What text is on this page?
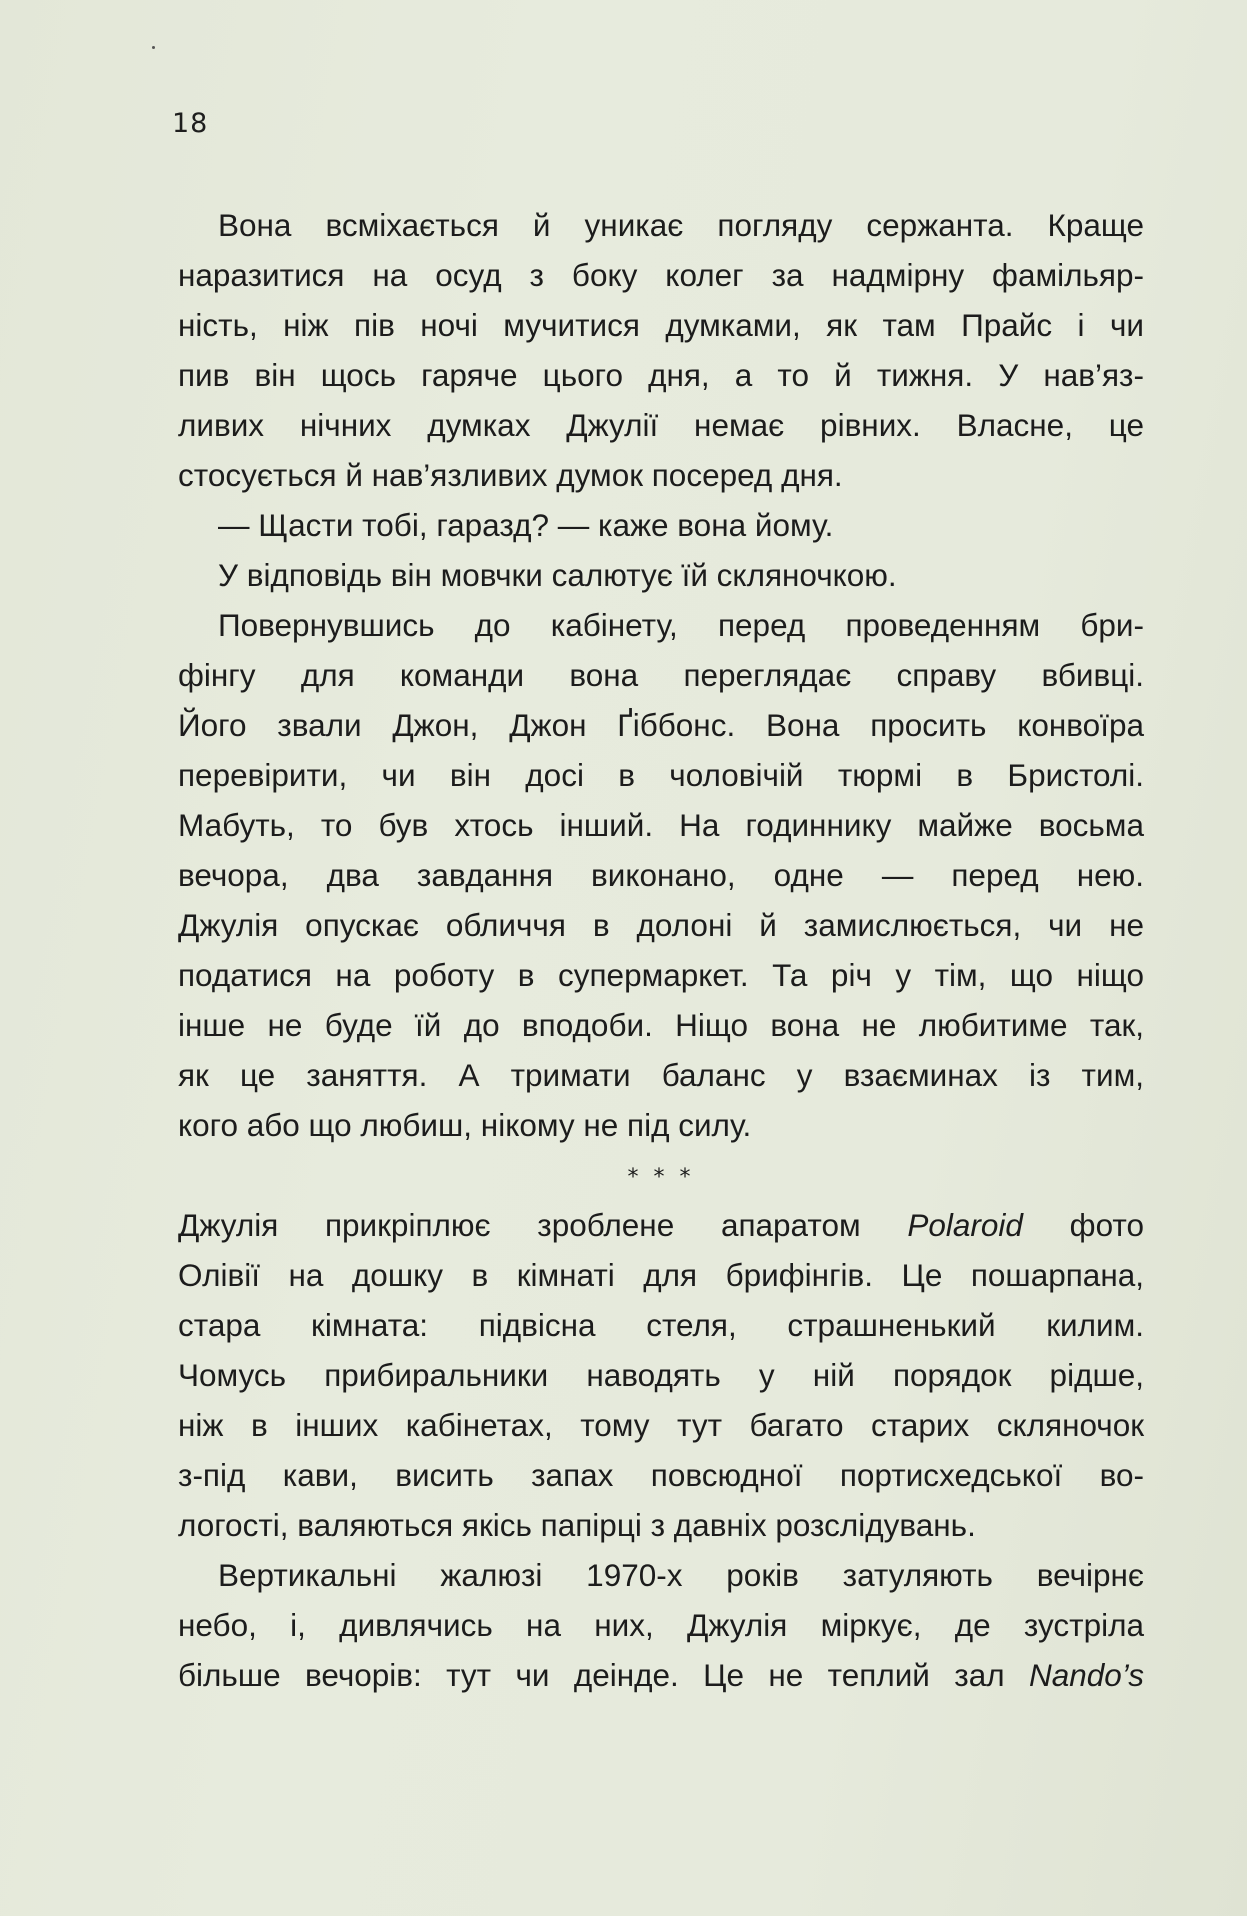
18
Вона всміхається й уникає погляду сержанта. Краще
наразитися на осуд з боку колег за надмірну фамільяр-
ність, ніж пів ночі мучитися думками, як там Прайс і чи
пив він щось гаряче цього дня, а то й тижня. У нав’яз-
ливих нічних думках Джулії немає рівних. Власне, це
стосується й нав’язливих думок посеред дня.
— Щасти тобі, гаразд? — каже вона йому.
У відповідь він мовчки салютує їй скляночкою.
Повернувшись до кабінету, перед проведенням бри-
фінгу для команди вона переглядає справу вбивці.
Його звали Джон, Джон Ґіббонс. Вона просить конвоїра
перевірити, чи він досі в чоловічій тюрмі в Бристолі.
Мабуть, то був хтось інший. На годиннику майже восьма
вечора, два завдання виконано, одне — перед нею.
Джулія опускає обличчя в долоні й замислюється, чи не
податися на роботу в супермаркет. Та річ у тім, що ніщо
інше не буде їй до вподоби. Ніщо вона не любитиме так,
як це заняття. А тримати баланс у взаєминах із тим,
кого або що любиш, нікому не під силу.
* * *
Джулія прикріплює зроблене апаратом Polaroid фото
Олівії на дошку в кімнаті для брифінгів. Це пошарпана,
стара кімната: підвісна стеля, страшненький килим.
Чомусь прибиральники наводять у ній порядок рідше,
ніж в інших кабінетах, тому тут багато старих скляночок
з-під кави, висить запах повсюдної портисхедської во-
логості, валяються якісь папірці з давніх розслідувань.
Вертикальні жалюзі 1970-х років затуляють вечірнє
небо, і, дивлячись на них, Джулія міркує, де зустріла
більше вечорів: тут чи деінде. Це не теплий зал Nando’s
